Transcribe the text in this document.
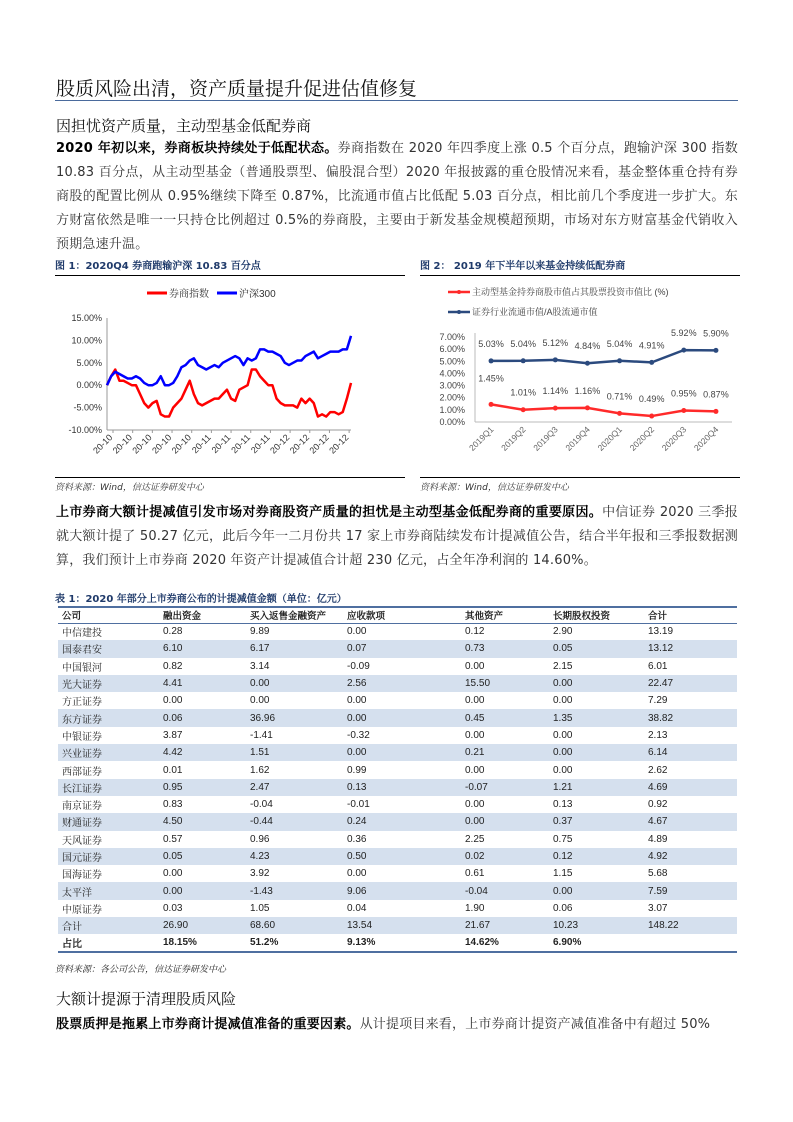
股质风险出清，资产质量提升促进估值修复
因担忧资产质量，主动型基金低配券商

2020 年初以来，券商板块持续处于低配状态。券商指数在 2020 年四季度上涨 0.5 个百分点，跑输沪深 300 指数 10.83 百分点，从主动型基金（普通股票型、偏股混合型）2020 年报披露的重仓股情况来看，基金整体重仓持有券商股的配置比例从 0.95%继续下降至 0.87%，比流通市值占比低配 5.03 百分点，相比前几个季度进一步扩大。东方财富依然是唯一一只持仓比例超过 0.5%的券商股，主要由于新发基金规模超预期，市场对东方财富基金代销收入预期急速升温。

图 1：2020Q4 券商跑输沪深 10.83 百分点
券商指数	沪深300
15.00%
10.00%
5.00%
0.00%
-5.00%
-10.00%
20-10
20-10
20-10
20-10
20-10
20-11
20-11
20-11
20-11
20-12
20-12
20-12
20-12
资料来源：Wind，信达证券研发中心
图 2： 2019 年下半年以来基金持续低配券商
主动型基金持券商股市值占其股票投资市值比 (%)
证券行业流通市值/A股流通市值
7.00%
6.00%
5.00%
4.00%
3.00%
2.00%
1.00%
0.00%
2019Q1 2019Q2 2019Q3 2019Q4 2020Q1 2020Q2 2020Q3 2020Q4
1.45%
1.01% 1.14% 1.16%
0.71% 0.49%
0.95% 0.87%
5.03% 5.04% 5.12% 4.84% 5.04% 4.91%
5.92% 5.90%
资料来源：Wind，信达证券研发中心

上市券商大额计提减值引发市场对券商股资产质量的担忧是主动型基金低配券商的重要原因。中信证券 2020 三季报就大额计提了 50.27 亿元，此后今年一二月份共 17 家上市券商陆续发布计提减值公告，结合半年报和三季报数据测算，我们预计上市券商 2020 年资产计提减值合计超 230 亿元，占全年净利润的 14.60%。

表 1：2020 年部分上市券商公布的计提减值金额（单位：亿元）
公司	融出资金	买入返售金融资产	应收款项	其他资产	长期股权投资	合计
中信建投	0.28	9.89	0.00	0.12	2.90	13.19
国泰君安	6.10	6.17	0.07	0.73	0.05	13.12
中国银河	0.82	3.14	-0.09	0.00	2.15	6.01
光大证券	4.41	0.00	2.56	15.50	0.00	22.47
方正证券	0.00	0.00	0.00	0.00	0.00	7.29
东方证券	0.06	36.96	0.00	0.45	1.35	38.82
中银证券	3.87	-1.41	-0.32	0.00	0.00	2.13
兴业证券	4.42	1.51	0.00	0.21	0.00	6.14
西部证券	0.01	1.62	0.99	0.00	0.00	2.62
长江证券	0.95	2.47	0.13	-0.07	1.21	4.69
南京证券	0.83	-0.04	-0.01	0.00	0.13	0.92
财通证券	4.50	-0.44	0.24	0.00	0.37	4.67
天风证券	0.57	0.96	0.36	2.25	0.75	4.89
国元证券	0.05	4.23	0.50	0.02	0.12	4.92
国海证券	0.00	3.92	0.00	0.61	1.15	5.68
太平洋	0.00	-1.43	9.06	-0.04	0.00	7.59
中原证券	0.03	1.05	0.04	1.90	0.06	3.07
合计	26.90	68.60	13.54	21.67	10.23	148.22
占比	18.15%	51.2%	9.13%	14.62%	6.90%	
资料来源：各公司公告，信达证券研发中心
大额计提源于清理股质风险

股票质押是拖累上市券商计提减值准备的重要因素。从计提项目来看，上市券商计提资产减值准备中有超过 50%
